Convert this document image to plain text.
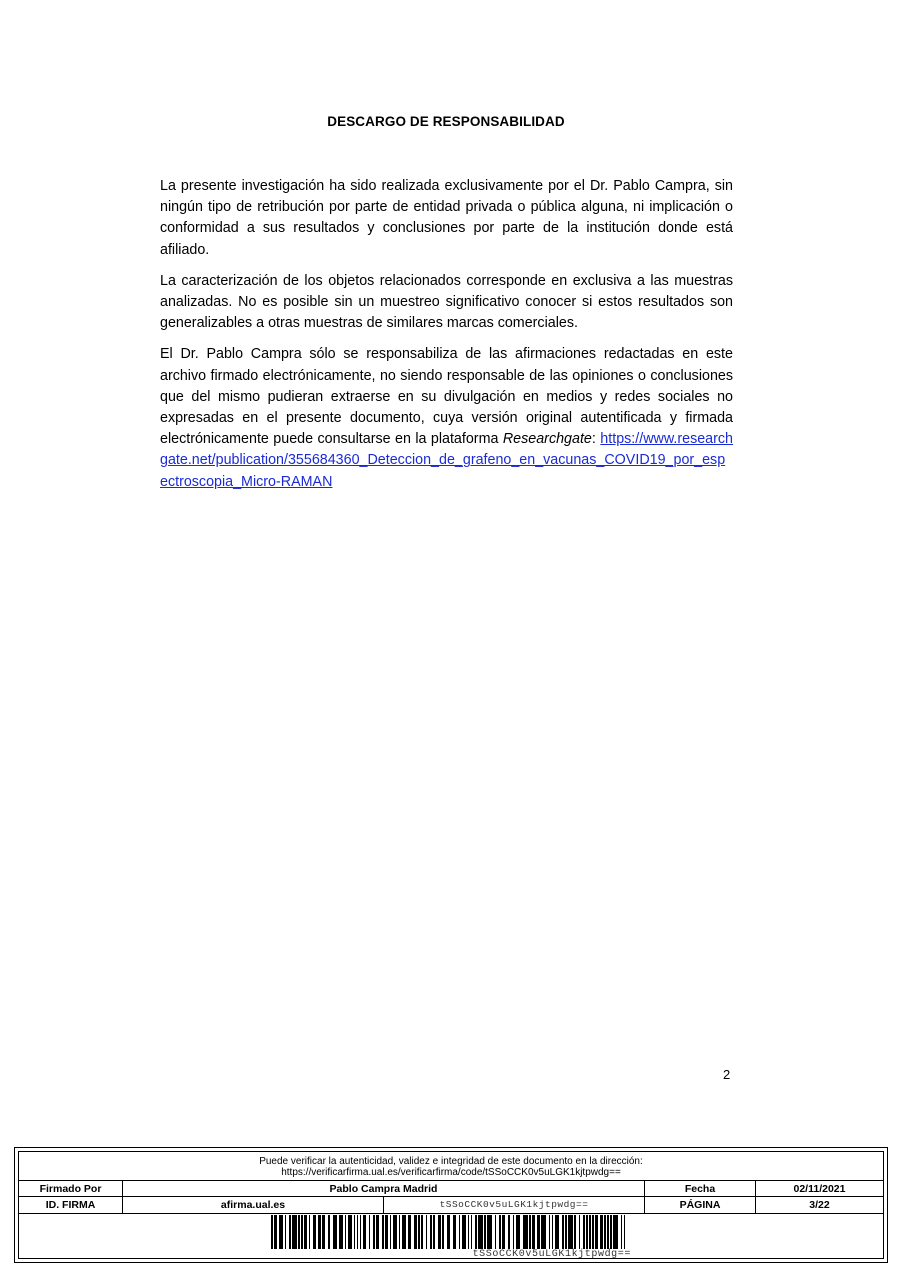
DESCARGO DE RESPONSABILIDAD

La presente investigación ha sido realizada exclusivamente por el Dr. Pablo Campra, sin ningún tipo de retribución por parte de entidad privada o pública alguna, ni implicación o conformidad a sus resultados y conclusiones por parte de la institución donde está afiliado.

La caracterización de los objetos relacionados corresponde en exclusiva a las muestras analizadas. No es posible sin un muestreo significativo conocer si estos resultados son generalizables a otras muestras de similares marcas comerciales.

El Dr. Pablo Campra sólo se responsabiliza de las afirmaciones redactadas en este archivo firmado electrónicamente, no siendo responsable de las opiniones o conclusiones que del mismo pudieran extraerse en su divulgación en medios y redes sociales no expresadas en el presente documento, cuya versión original autentificada y firmada electrónicamente puede consultarse en la plataforma Researchgate: https://www.researchgate.net/publication/355684360_Deteccion_de_grafeno_en_vacunas_COVID19_por_espectroscopia_Micro-RAMAN

2
Puede verificar la autenticidad, validez e integridad de este documento en la dirección:
https://verificarfirma.ual.es/verificarfirma/code/tSSoCCK0v5uLGK1kjtpwdg==
Firmado Por	Pablo Campra Madrid	Fecha	02/11/2021
ID. FIRMA	afirma.ual.es	tSSoCCK0v5uLGK1kjtpwdg==	PÁGINA	3/22
tSSoCCK0v5uLGK1kjtpwdg==
